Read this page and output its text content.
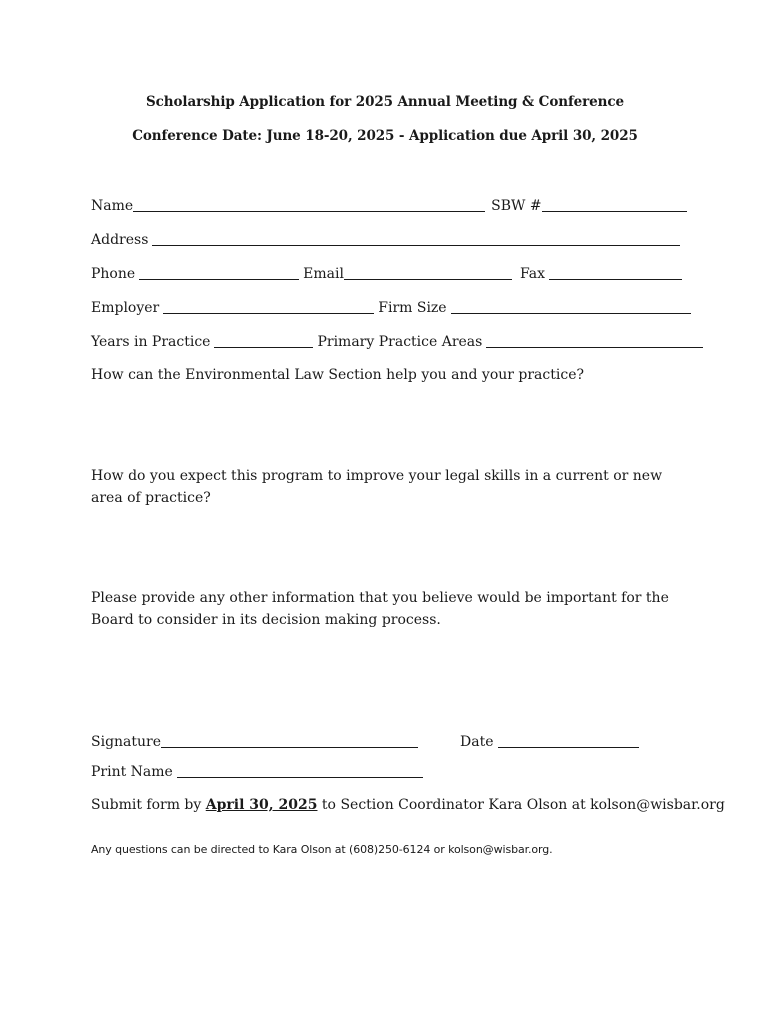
Scholarship Application for 2025 Annual Meeting & Conference
Conference Date: June 18-20, 2025 - Application due April 30, 2025
Name	SBW #
Address
Phone	Email	Fax
Employer	Firm Size
Years in Practice	Primary Practice Areas
How can the Environmental Law Section help you and your practice?
How do you expect this program to improve your legal skills in a current or new area of practice?
Please provide any other information that you believe would be important for the Board to consider in its decision making process.
Signature	Date
Print Name
Submit form by April 30, 2025 to Section Coordinator Kara Olson at kolson@wisbar.org
Any questions can be directed to Kara Olson at (608)250-6124 or kolson@wisbar.org.
